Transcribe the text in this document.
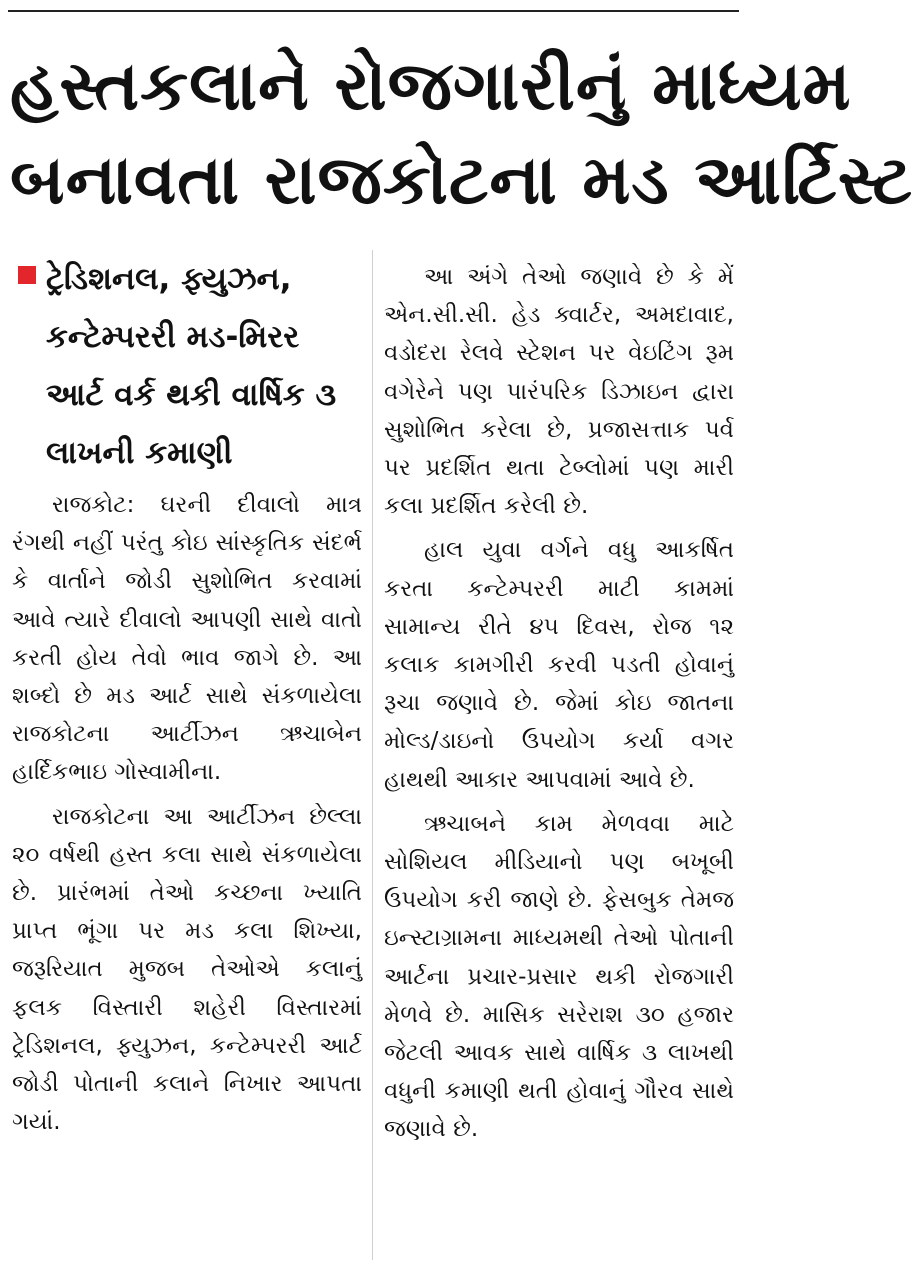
હસ્તકલાને રોજગારીનું માધ્યમ
બનાવતા રાજકોટના મડ આર્ટિસ્ટ
ટ્રેડિશનલ, ફ્યુઝન, કન્ટેમ્પરરી મડ-મિરર આર્ટ વર્ક થકી વાર્ષિક ૩ લાખની કમાણી

રાજકોટ: ઘરની દીવાલો માત્ર રંગથી નહીં પરંતુ કોઇ સાંસ્કૃતિક સંદર્ભ કે વાર્તાને જોડી સુશોભિત કરવામાં આવે ત્યારે દીવાલો આપણી સાથે વાતો કરતી હોય તેવો ભાવ જાગે છે. આ શબ્દો છે મડ આર્ટ સાથે સંકળાયેલા રાજકોટના આર્ટીઝન ઋચાબેન હાર્દિકભાઇ ગોસ્વામીના.

રાજકોટના આ આર્ટીઝન છેલ્લા ૨૦ વર્ષથી હસ્ત કલા સાથે સંકળાયેલા છે. પ્રારંભમાં તેઓ કચ્છના ખ્યાતિ પ્રાપ્ત ભૂંગા પર મડ કલા શિખ્યા, જરૂરિયાત મુજબ તેઓએ કલાનું ફલક વિસ્તારી શહેરી વિસ્તારમાં ટ્રેડિશનલ, ફ્યુઝન, કન્ટેમ્પરરી આર્ટ જોડી પોતાની કલાને નિખાર આપતા ગયાં.

આ અંગે તેઓ જણાવે છે કે મેં એન.સી.સી. હેડ ક્વાર્ટર, અમદાવાદ, વડોદરા રેલવે સ્ટેશન પર વેઇટિંગ રૂમ વગેરેને પણ પારંપરિક ડિઝાઇન દ્વારા સુશોભિત કરેલા છે, પ્રજાસત્તાક પર્વ પર પ્રદર્શિત થતા ટેબ્લોમાં પણ મારી કલા પ્રદર્શિત કરેલી છે.

હાલ યુવા વર્ગને વધુ આકર્ષિત કરતા કન્ટેમ્પરરી માટી કામમાં સામાન્ય રીતે ૪૫ દિવસ, રોજ ૧૨ કલાક કામગીરી કરવી પડતી હોવાનું રૂચા જણાવે છે. જેમાં કોઇ જાતના મોલ્ડ/ડાઇનો ઉપયોગ કર્યા વગર હાથથી આકાર આપવામાં આવે છે.

ઋચાબને કામ મેળવવા માટે સોશિયલ મીડિયાનો પણ બખૂબી ઉપયોગ કરી જાણે છે. ફેસબુક તેમજ ઇન્સ્ટાગ્રામના માધ્યમથી તેઓ પોતાની આર્ટના પ્રચાર-પ્રસાર થકી રોજગારી મેળવે છે. માસિક સરેરાશ ૩૦ હજાર જેટલી આવક સાથે વાર્ષિક ૩ લાખથી વધુની કમાણી થતી હોવાનું ગૌરવ સાથે જણાવે છે.
